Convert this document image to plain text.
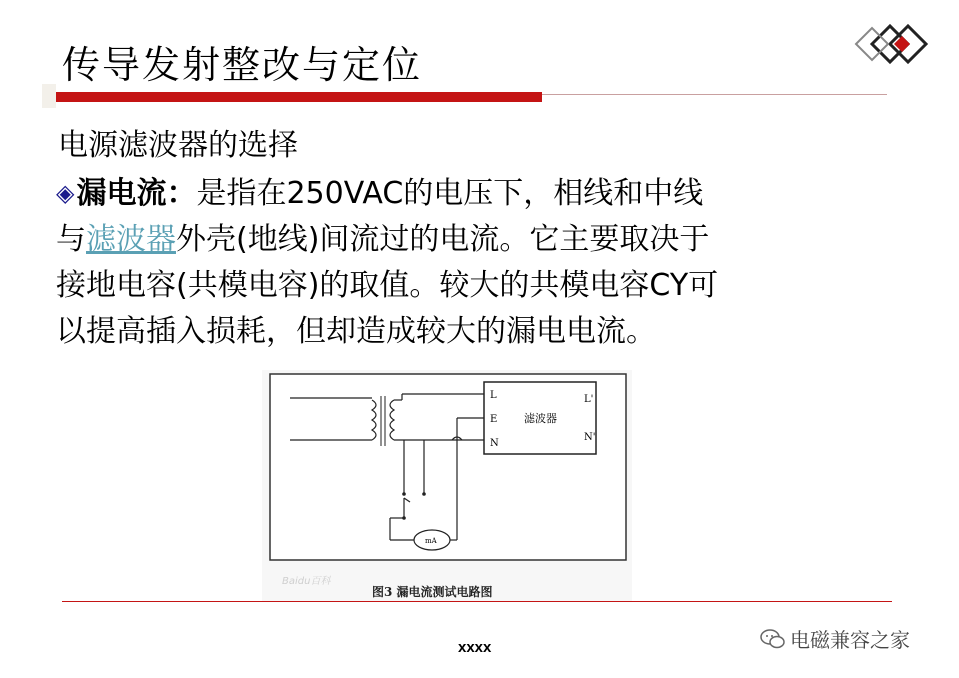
传导发射整改与定位
电源滤波器的选择
◈漏电流：是指在250VAC的电压下，相线和中线
与滤波器外壳(地线)间流过的电流。它主要取决于
接地电容(共模电容)的取值。较大的共模电容CY可
以提高插入损耗，但却造成较大的漏电电流。
L
E
N
L'
N'
滤波器
mA
Baidu百科
图3 漏电流测试电路图
xxxx	电磁兼容之家
